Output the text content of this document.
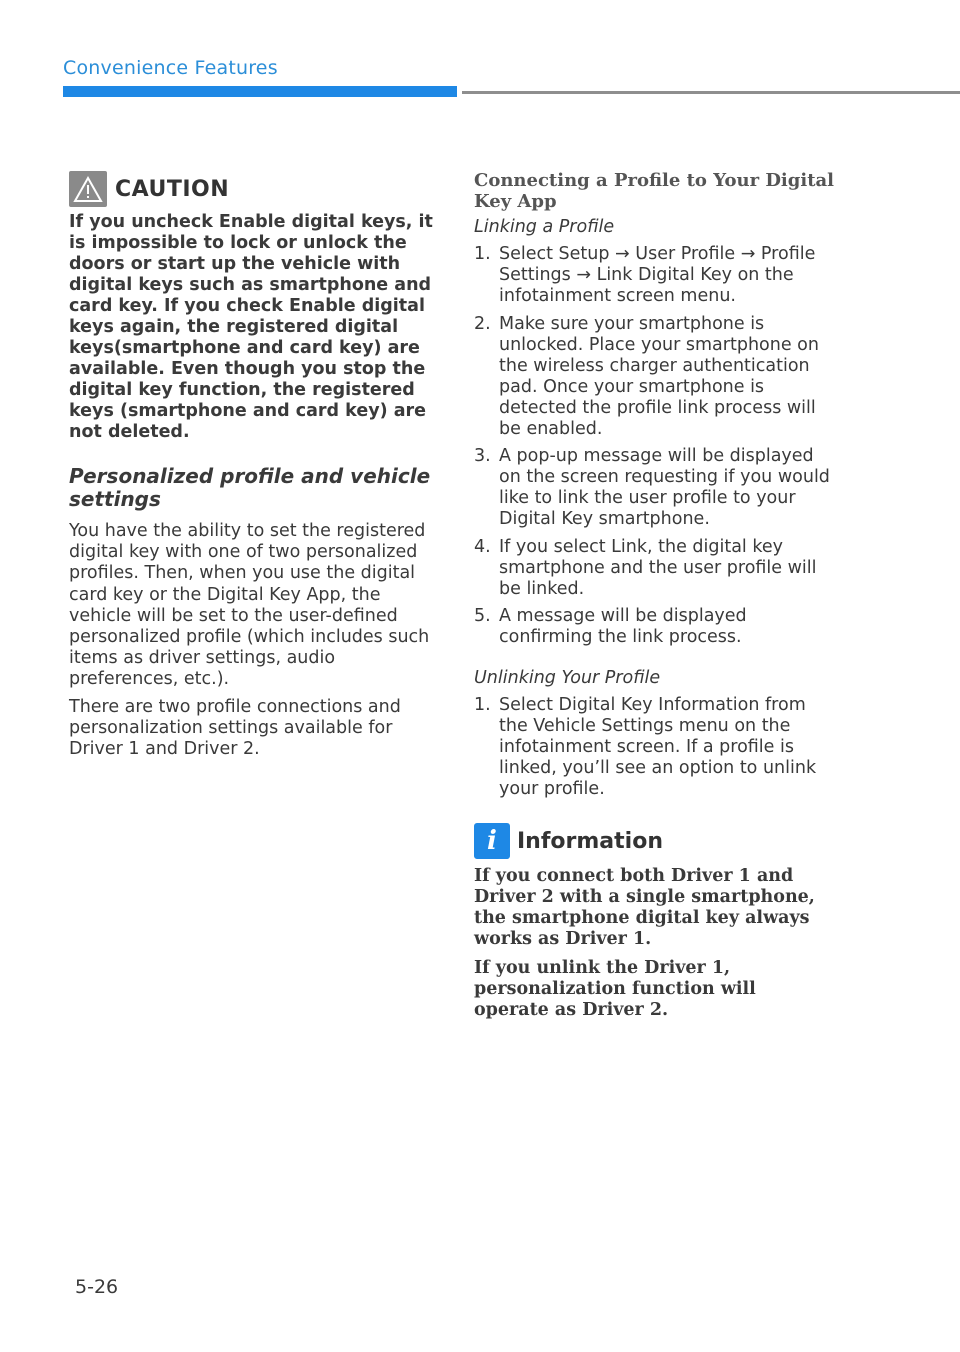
Convenience Features
CAUTION
If you uncheck Enable digital keys, it is impossible to lock or unlock the doors or start up the vehicle with digital keys such as smartphone and card key. If you check Enable digital keys again, the registered digital keys(smartphone and card key) are available. Even though you stop the digital key function, the registered keys (smartphone and card key) are not deleted.
Personalized profile and vehicle settings
You have the ability to set the registered digital key with one of two personalized profiles. Then, when you use the digital card key or the Digital Key App, the vehicle will be set to the user-defined personalized profile (which includes such items as driver settings, audio preferences, etc.).
There are two profile connections and personalization settings available for Driver 1 and Driver 2.
Connecting a Profile to Your Digital Key App
Linking a Profile
1. Select Setup → User Profile → Profile Settings → Link Digital Key on the infotainment screen menu.
2. Make sure your smartphone is unlocked. Place your smartphone on the wireless charger authentication pad. Once your smartphone is detected the profile link process will be enabled.
3. A pop-up message will be displayed on the screen requesting if you would like to link the user profile to your Digital Key smartphone.
4. If you select Link, the digital key smartphone and the user profile will be linked.
5. A message will be displayed confirming the link process.
Unlinking Your Profile
1. Select Digital Key Information from the Vehicle Settings menu on the infotainment screen. If a profile is linked, you’ll see an option to unlink your profile.
i Information
If you connect both Driver 1 and Driver 2 with a single smartphone, the smartphone digital key always works as Driver 1.
If you unlink the Driver 1, personalization function will operate as Driver 2.
5-26
